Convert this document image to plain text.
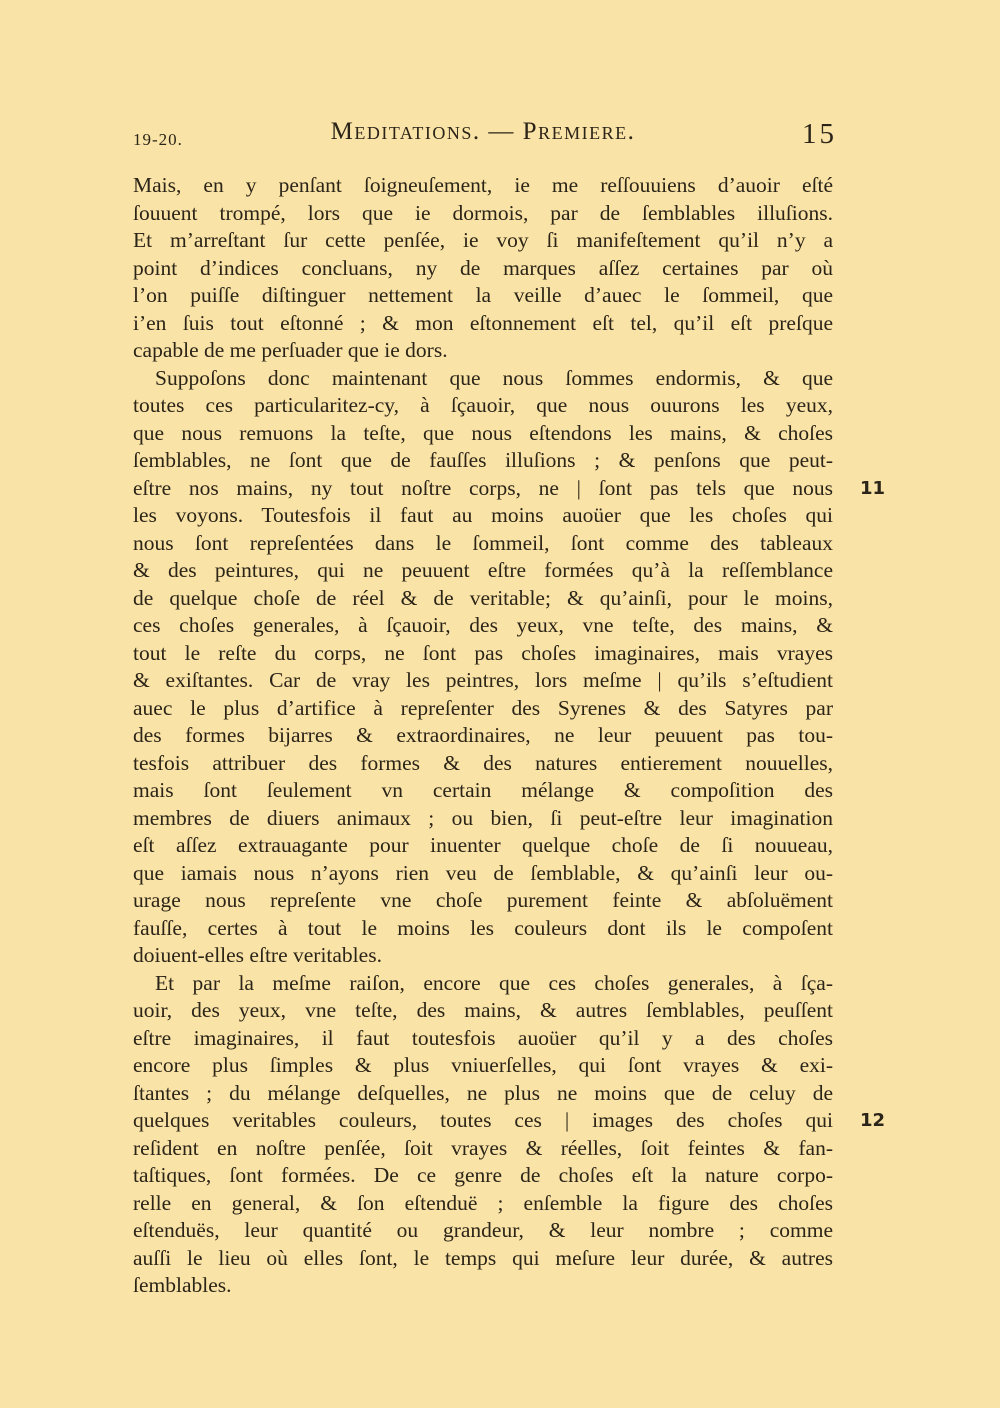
19-20.	Meditations. — Premiere.	15
Mais, en y penſant ſoigneuſement, ie me reſſouuiens d’auoir eſté
ſouuent trompé, lors que ie dormois, par de ſemblables illuſions.
Et m’arreſtant ſur cette penſée, ie voy ſi manifeſtement qu’il n’y a
point d’indices concluans, ny de marques aſſez certaines par où
l’on puiſſe diſtinguer nettement la veille d’auec le ſommeil, que
i’en ſuis tout eſtonné ; & mon eſtonnement eſt tel, qu’il eſt preſque
capable de me perſuader que ie dors.
Suppoſons donc maintenant que nous ſommes endormis, & que
toutes ces particularitez-cy, à ſçauoir, que nous ouurons les yeux,
que nous remuons la teſte, que nous eſtendons les mains, & choſes
ſemblables, ne ſont que de fauſſes illuſions ; & penſons que peut-
eſtre nos mains, ny tout noſtre corps, ne | ſont pas tels que nous
les voyons. Toutesfois il faut au moins auoüer que les choſes qui
nous ſont repreſentées dans le ſommeil, ſont comme des tableaux
& des peintures, qui ne peuuent eſtre formées qu’à la reſſemblance
de quelque choſe de réel & de veritable; & qu’ainſi, pour le moins,
ces choſes generales, à ſçauoir, des yeux, vne teſte, des mains, &
tout le reſte du corps, ne ſont pas choſes imaginaires, mais vrayes
& exiſtantes. Car de vray les peintres, lors meſme | qu’ils s’eſtudient
auec le plus d’artifice à repreſenter des Syrenes & des Satyres par
des formes bijarres & extraordinaires, ne leur peuuent pas tou-
tesfois attribuer des formes & des natures entierement nouuelles,
mais ſont ſeulement vn certain mélange & compoſition des
membres de diuers animaux ; ou bien, ſi peut-eſtre leur imagination
eſt aſſez extrauagante pour inuenter quelque choſe de ſi nouueau,
que iamais nous n’ayons rien veu de ſemblable, & qu’ainſi leur ou-
urage nous repreſente vne choſe purement feinte & abſoluëment
fauſſe, certes à tout le moins les couleurs dont ils le compoſent
doiuent-elles eſtre veritables.
Et par la meſme raiſon, encore que ces choſes generales, à ſça-
uoir, des yeux, vne teſte, des mains, & autres ſemblables, peuſſent
eſtre imaginaires, il faut toutesfois auoüer qu’il y a des choſes
encore plus ſimples & plus vniuerſelles, qui ſont vrayes & exi-
ſtantes ; du mélange deſquelles, ne plus ne moins que de celuy de
quelques veritables couleurs, toutes ces | images des choſes qui
reſident en noſtre penſée, ſoit vrayes & réelles, ſoit feintes & fan-
taſtiques, ſont formées. De ce genre de choſes eſt la nature corpo-
relle en general, & ſon eſtenduë ; enſemble la figure des choſes
eſtenduës, leur quantité ou grandeur, & leur nombre ; comme
auſſi le lieu où elles ſont, le temps qui meſure leur durée, & autres
ſemblables.
11
12
